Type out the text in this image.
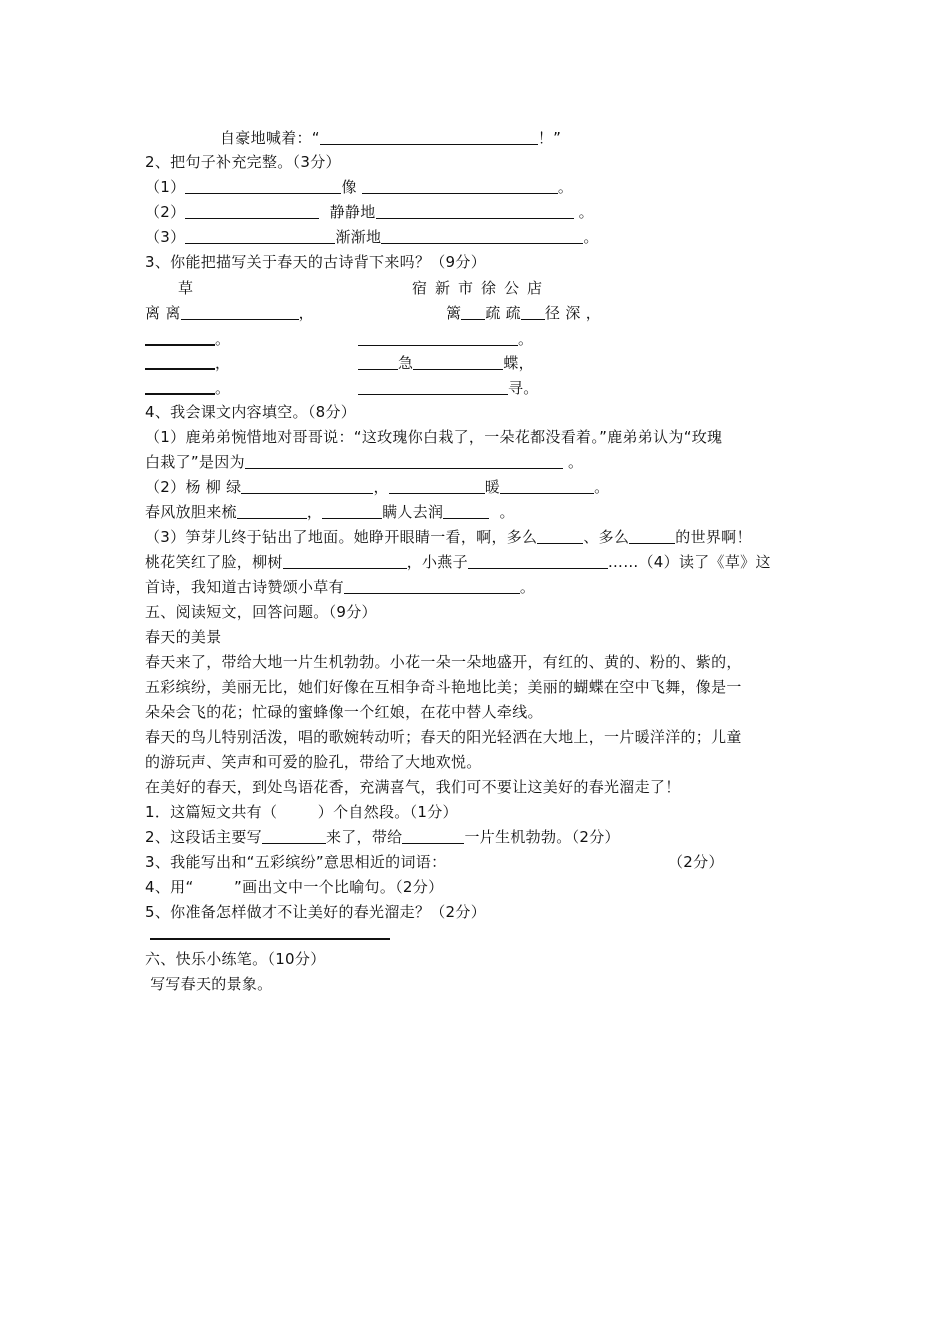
自豪地喊着：“	！”
2、把句子补充完整。（3分）
（1）	像	。
（2）	静静地	。
（3）	渐渐地	。
3、你能把描写关于春天的古诗背下来吗？（9分）
草	宿新市徐公店
离 离	，	篱 疏 疏 径 深 ，
。	。
，	急	蝶，
。	寻。
4、我会课文内容填空。（8分）
（1）鹿弟弟惋惜地对哥哥说：“这玫瑰你白栽了，一朵花都没看着。”鹿弟弟认为“玫瑰
白栽了”是因为	。
（2）杨 柳 绿	，	暖	。
春风放胆来梳	，	瞒人去润	。
（3）笋芽儿终于钻出了地面。她睁开眼睛一看，啊，多么	、多么	的世界啊！
桃花笑红了脸，柳树	，小燕子	……（4）读了《草》这
首诗，我知道古诗赞颂小草有	。
五、阅读短文，回答问题。（9分）
春天的美景
春天来了，带给大地一片生机勃勃。小花一朵一朵地盛开，有红的、黄的、粉的、紫的，
五彩缤纷，美丽无比，她们好像在互相争奇斗艳地比美；美丽的蝴蝶在空中飞舞，像是一
朵朵会飞的花；忙碌的蜜蜂像一个红娘，在花中替人牵线。
春天的鸟儿特别活泼，唱的歌婉转动听；春天的阳光轻洒在大地上，一片暖洋洋的；儿童
的游玩声、笑声和可爱的脸孔，带给了大地欢悦。
在美好的春天，到处鸟语花香，充满喜气，我们可不要让这美好的春光溜走了！
1．这篇短文共有（        ）个自然段。（1分）
2、这段话主要写	来了，带给	一片生机勃勃。（2分）
3、我能写出和“五彩缤纷”意思相近的词语：	（2分）
4、用“        ”画出文中一个比喻句。（2分）
5、你准备怎样做才不让美好的春光溜走？（2分）
六、快乐小练笔。（10分）
写写春天的景象。
